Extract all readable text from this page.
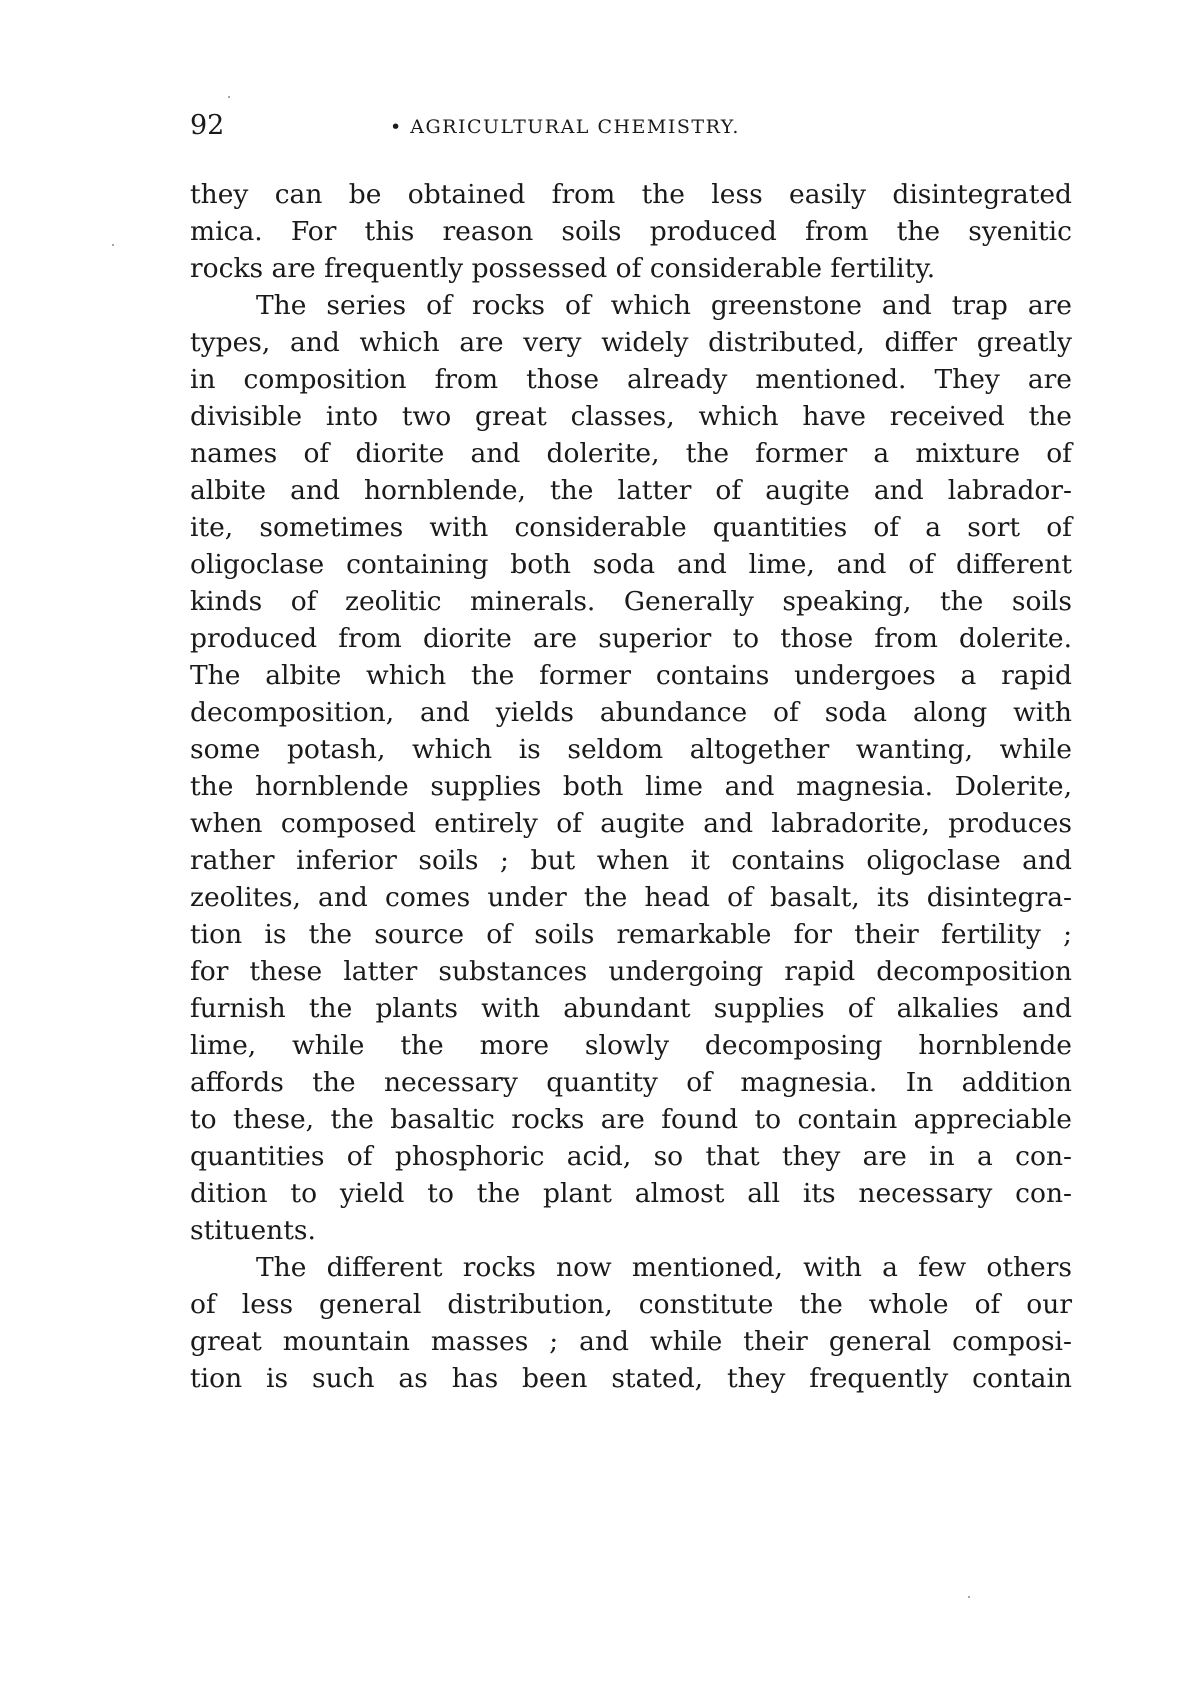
92	• AGRICULTURAL CHEMISTRY.
they can be obtained from the less easily disintegrated
mica. For this reason soils produced from the syenitic
rocks are frequently possessed of considerable fertility.
The series of rocks of which greenstone and trap are
types, and which are very widely distributed, differ greatly
in composition from those already mentioned. They are
divisible into two great classes, which have received the
names of diorite and dolerite, the former a mixture of
albite and hornblende, the latter of augite and labrador-
ite, sometimes with considerable quantities of a sort of
oligoclase containing both soda and lime, and of different
kinds of zeolitic minerals. Generally speaking, the soils
produced from diorite are superior to those from dolerite.
The albite which the former contains undergoes a rapid
decomposition, and yields abundance of soda along with
some potash, which is seldom altogether wanting, while
the hornblende supplies both lime and magnesia. Dolerite,
when composed entirely of augite and labradorite, produces
rather inferior soils ; but when it contains oligoclase and
zeolites, and comes under the head of basalt, its disintegra-
tion is the source of soils remarkable for their fertility ;
for these latter substances undergoing rapid decomposition
furnish the plants with abundant supplies of alkalies and
lime, while the more slowly decomposing hornblende
affords the necessary quantity of magnesia. In addition
to these, the basaltic rocks are found to contain appreciable
quantities of phosphoric acid, so that they are in a con-
dition to yield to the plant almost all its necessary con-
stituents.
The different rocks now mentioned, with a few others
of less general distribution, constitute the whole of our
great mountain masses ; and while their general composi-
tion is such as has been stated, they frequently contain
